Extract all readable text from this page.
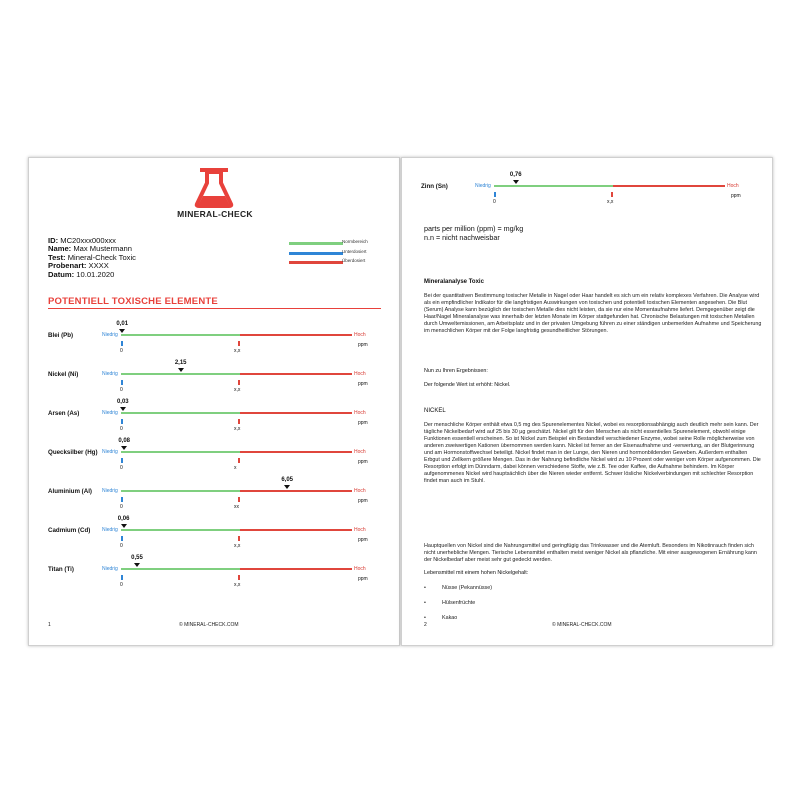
MINERAL-CHECK
ID: MC20xxx000xxx
Name: Max Mustermann
Test: Mineral-Check Toxic
Probenart: XXXX
Datum: 10.01.2020
Normbereich
Unterdosiert
Überdosiert
POTENTIELL TOXISCHE ELEMENTE
Blei (Pb)	Niedrig	Hoch
0,01
0	x,x
ppm
Nickel (Ni)	Niedrig	Hoch
2,15
0	x,x
ppm
Arsen (As)	Niedrig	Hoch
0,03
0	x,x
ppm
Quecksilber (Hg) Niedrig	Hoch
0,08
0	x
ppm
Aluminium (Al) Niedrig	Hoch
6,05
0	xx
ppm
Cadmium (Cd) Niedrig	Hoch
0,06
0	x,x
ppm
Titan (Ti)	Niedrig	Hoch
0,55
0	x,x
ppm
1	© MINERAL-CHECK.COM
Zinn (Sn)	Niedrig	Hoch
0,76
0	x,x
ppm
parts per million (ppm) = mg/kg
n.n = nicht nachweisbar
Mineralanalyse Toxic
Bei der quantitativen Bestimmung toxischer Metalle in Nagel oder Haar handelt es sich um ein relativ komplexes Verfahren. Die Analyse wird als ein empfindlicher Indikator für die langfristigen Auswirkungen von toxischen und potentiell toxischen Elementen angesehen. Die Blut (Serum) Analyse kann bezüglich der toxischen Metalle dies nicht leisten, da sie nur eine Momentaufnahme liefert. Demgegenüber zeigt die Haar/Nagel Mineralanalyse was innerhalb der letzten Monate im Körper stattgefunden hat. Chronische Belastungen mit toxischen Metallen durch Umweltemissionen, am Arbeitsplatz und in der privaten Umgebung führen zu einer ständigen unbemerkten Aufnahme und Speicherung im menschlichen Körper mit der Folge langfristig gesundheitlicher Störungen.
Nun zu Ihren Ergebnissen:
Der folgende Wert ist erhöht: Nickel.
NICKEL
Der menschliche Körper enthält etwa 0,5 mg des Spurenelementes Nickel, wobei es resorptionsabhängig auch deutlich mehr sein kann. Der tägliche Nickelbedarf wird auf 25 bis 30 µg geschätzt. Nickel gilt für den Menschen als nicht essentielles Spurenelement, obwohl einige Funktionen essentiell erscheinen. So ist Nickel zum Beispiel ein Bestandteil verschiedener Enzyme, wobei seine Rolle möglicherweise von anderen zweiwertigen Kationen übernommen werden kann. Nickel ist ferner an der Eisenaufnahme und -verwertung, an der Blutgerinnung und am Hormonstoffwechsel beteiligt. Nickel findet man in der Lunge, den Nieren und hormonbildenden Geweben. Außerdem enthalten Erbgut und Zellkern größere Mengen. Das in der Nahrung befindliche Nickel wird zu 10 Prozent oder weniger vom Körper aufgenommen. Die Resorption erfolgt im Dünndarm, dabei können verschiedene Stoffe, wie z.B. Tee oder Kaffee, die Aufnahme behindern. Im Körper aufgenommenes Nickel wird hauptsächlich über die Nieren wieder entfernt. Schwer lösliche Nickelverbindungen mit schlechter Resorption findet man auch im Stuhl.
Hauptquellen von Nickel sind die Nahrungsmittel und geringfügig das Trinkwasser und die Atemluft. Besonders im Nikotinrauch finden sich nicht unerhebliche Mengen. Tierische Lebensmittel enthalten meist weniger Nickel als pflanzliche. Mit einer ausgewogenen Ernährung kann der Nickelbedarf aber meist sehr gut gedeckt werden.
Lebensmittel mit einem hohen Nickelgehalt:
•	Nüsse (Pekannüsse)
•	Hülsenfrüchte
•	Kakao
2	© MINERAL-CHECK.COM
